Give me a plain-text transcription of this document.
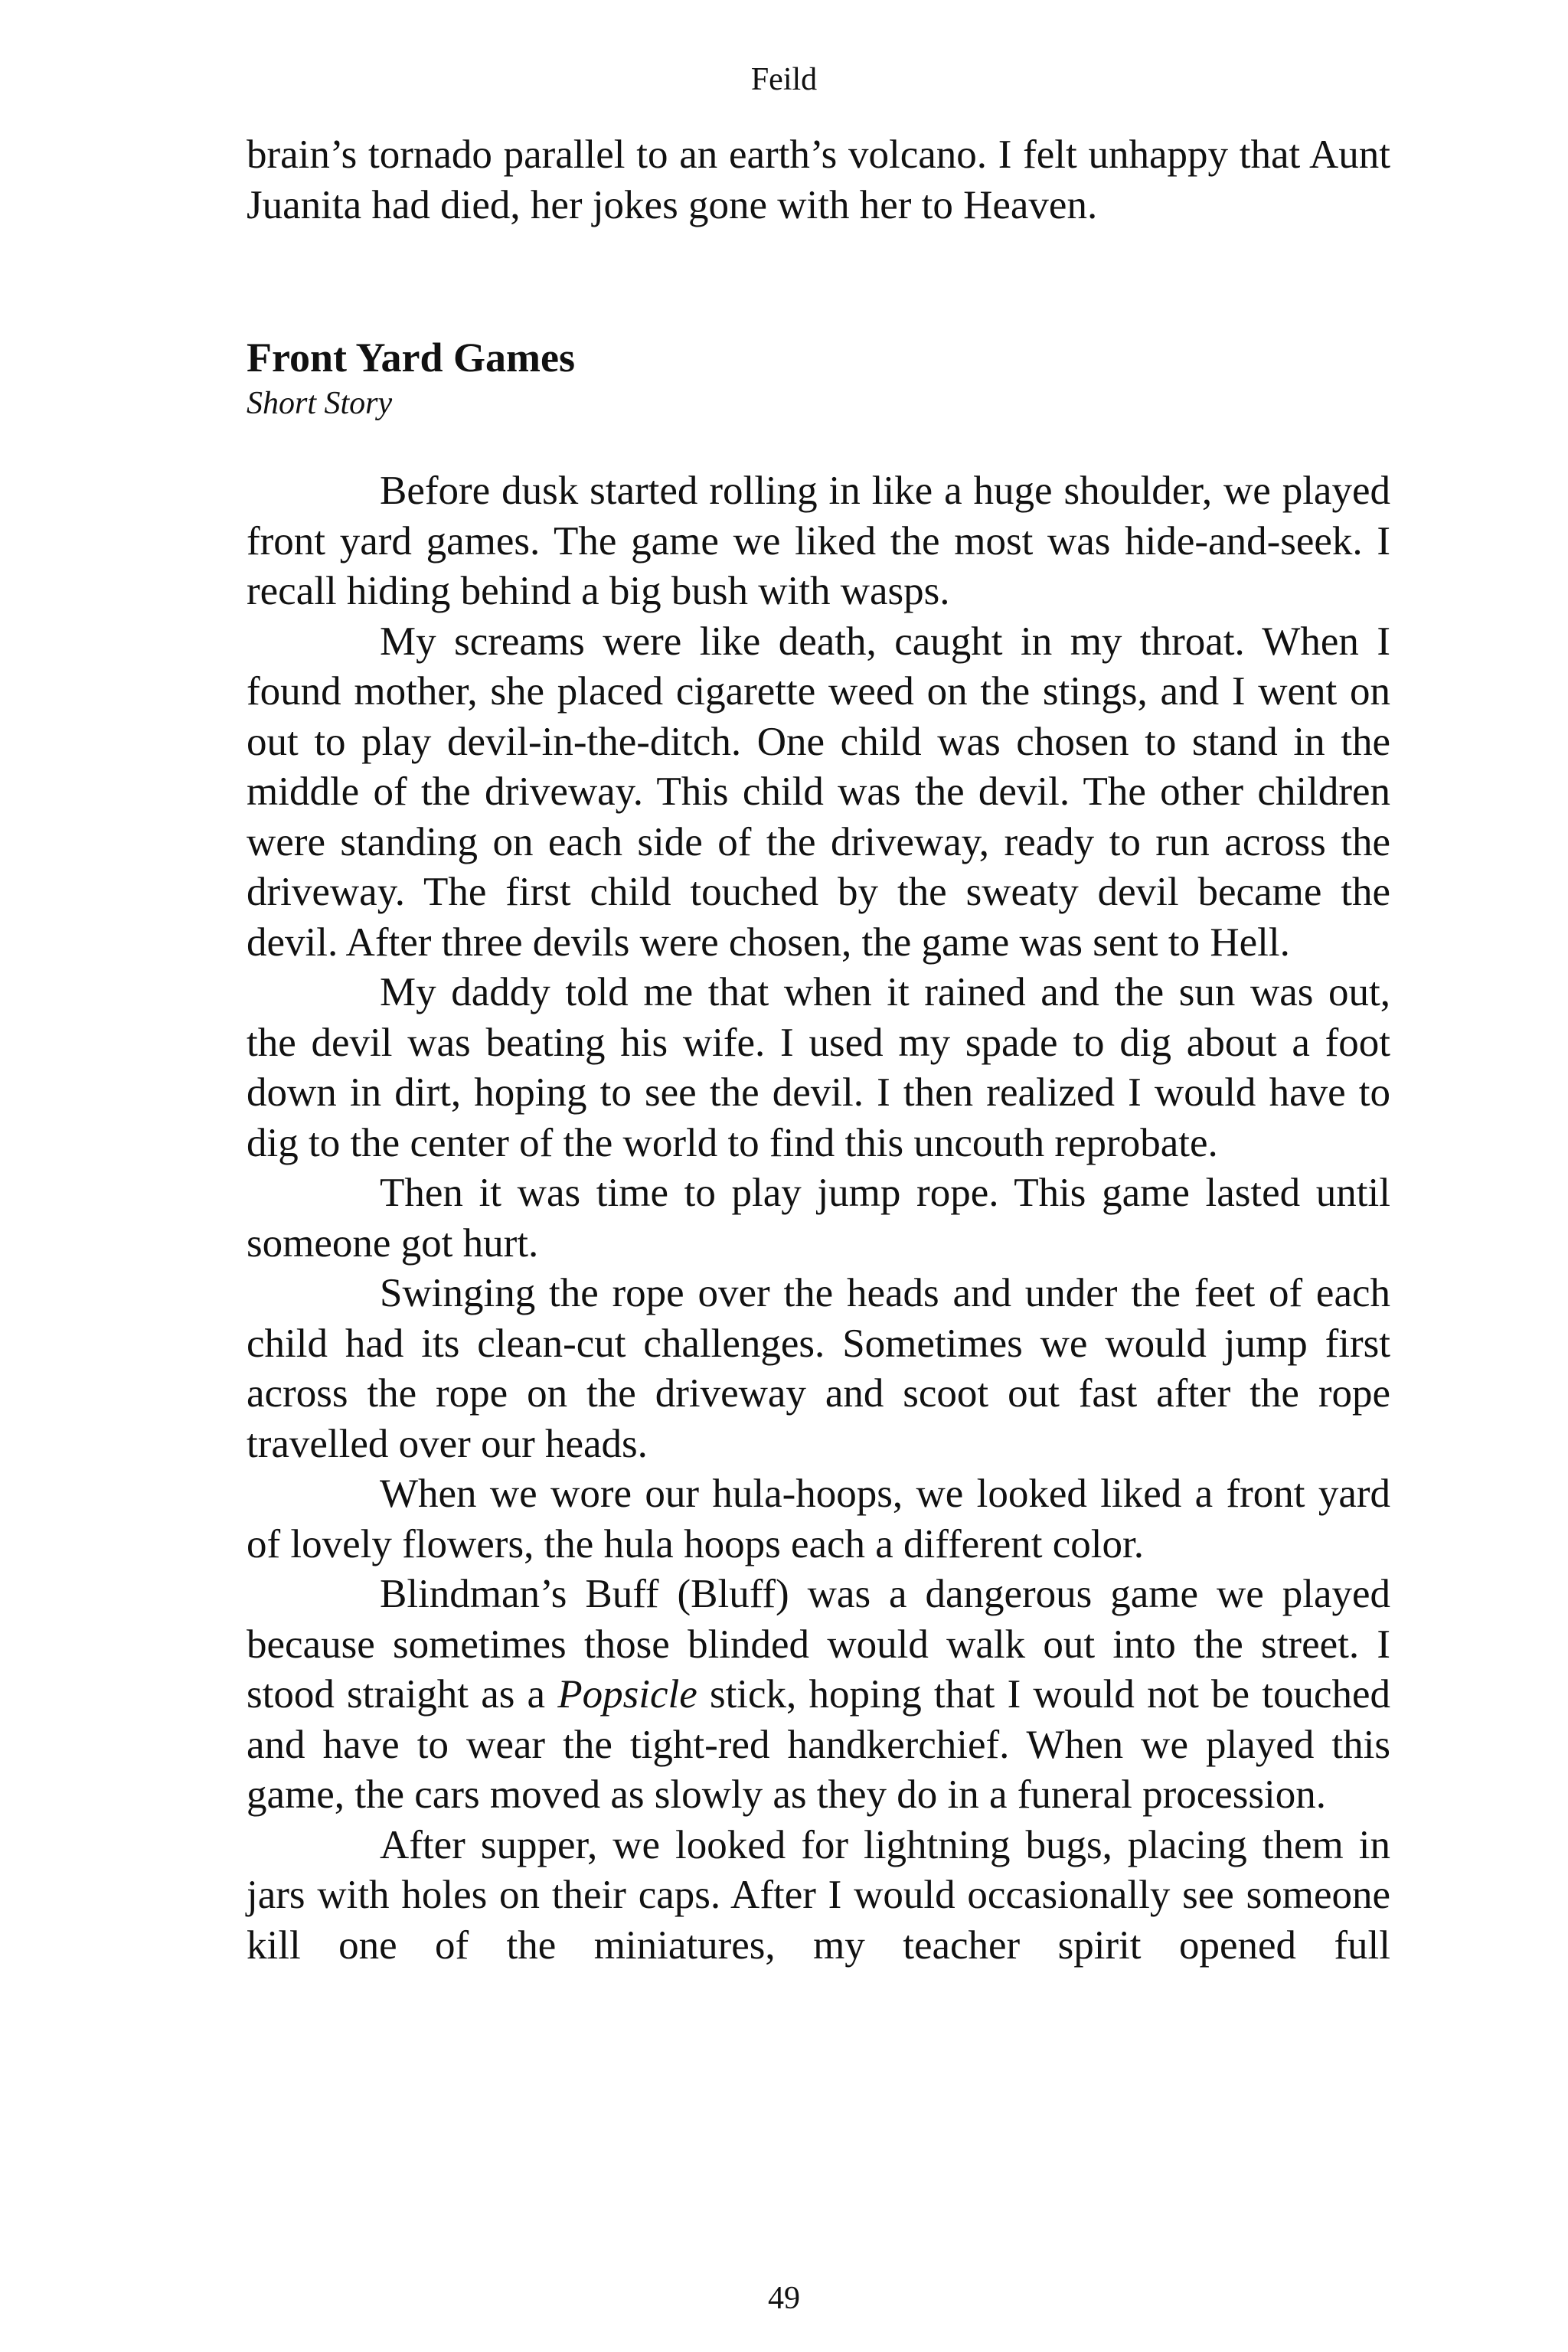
Feild

brain’s tornado parallel to an earth’s volcano. I felt unhappy that Aunt Juanita had died, her jokes gone with her to Heaven.

Front Yard Games

Short Story

Before dusk started rolling in like a huge shoulder, we played front yard games. The game we liked the most was hide-and-seek. I recall hiding behind a big bush with wasps.

My screams were like death, caught in my throat. When I found mother, she placed cigarette weed on the stings, and I went on out to play devil-in-the-ditch. One child was chosen to stand in the middle of the driveway. This child was the devil. The other children were standing on each side of the driveway, ready to run across the driveway. The first child touched by the sweaty devil became the devil. After three devils were chosen, the game was sent to Hell.

My daddy told me that when it rained and the sun was out, the devil was beating his wife. I used my spade to dig about a foot down in dirt, hoping to see the devil. I then realized I would have to dig to the center of the world to find this uncouth reprobate.

Then it was time to play jump rope. This game lasted until someone got hurt.

Swinging the rope over the heads and under the feet of each child had its clean-cut challenges. Sometimes we would jump first across the rope on the driveway and scoot out fast after the rope travelled over our heads.

When we wore our hula-hoops, we looked liked a front yard of lovely flowers, the hula hoops each a different color.

Blindman’s Buff (Bluff) was a dangerous game we played because sometimes those blinded would walk out into the street. I stood straight as a Popsicle stick, hoping that I would not be touched and have to wear the tight-red handkerchief. When we played this game, the cars moved as slowly as they do in a funeral procession.

After supper, we looked for lightning bugs, placing them in jars with holes on their caps. After I would occasionally see someone kill one of the miniatures, my teacher spirit opened full

49
